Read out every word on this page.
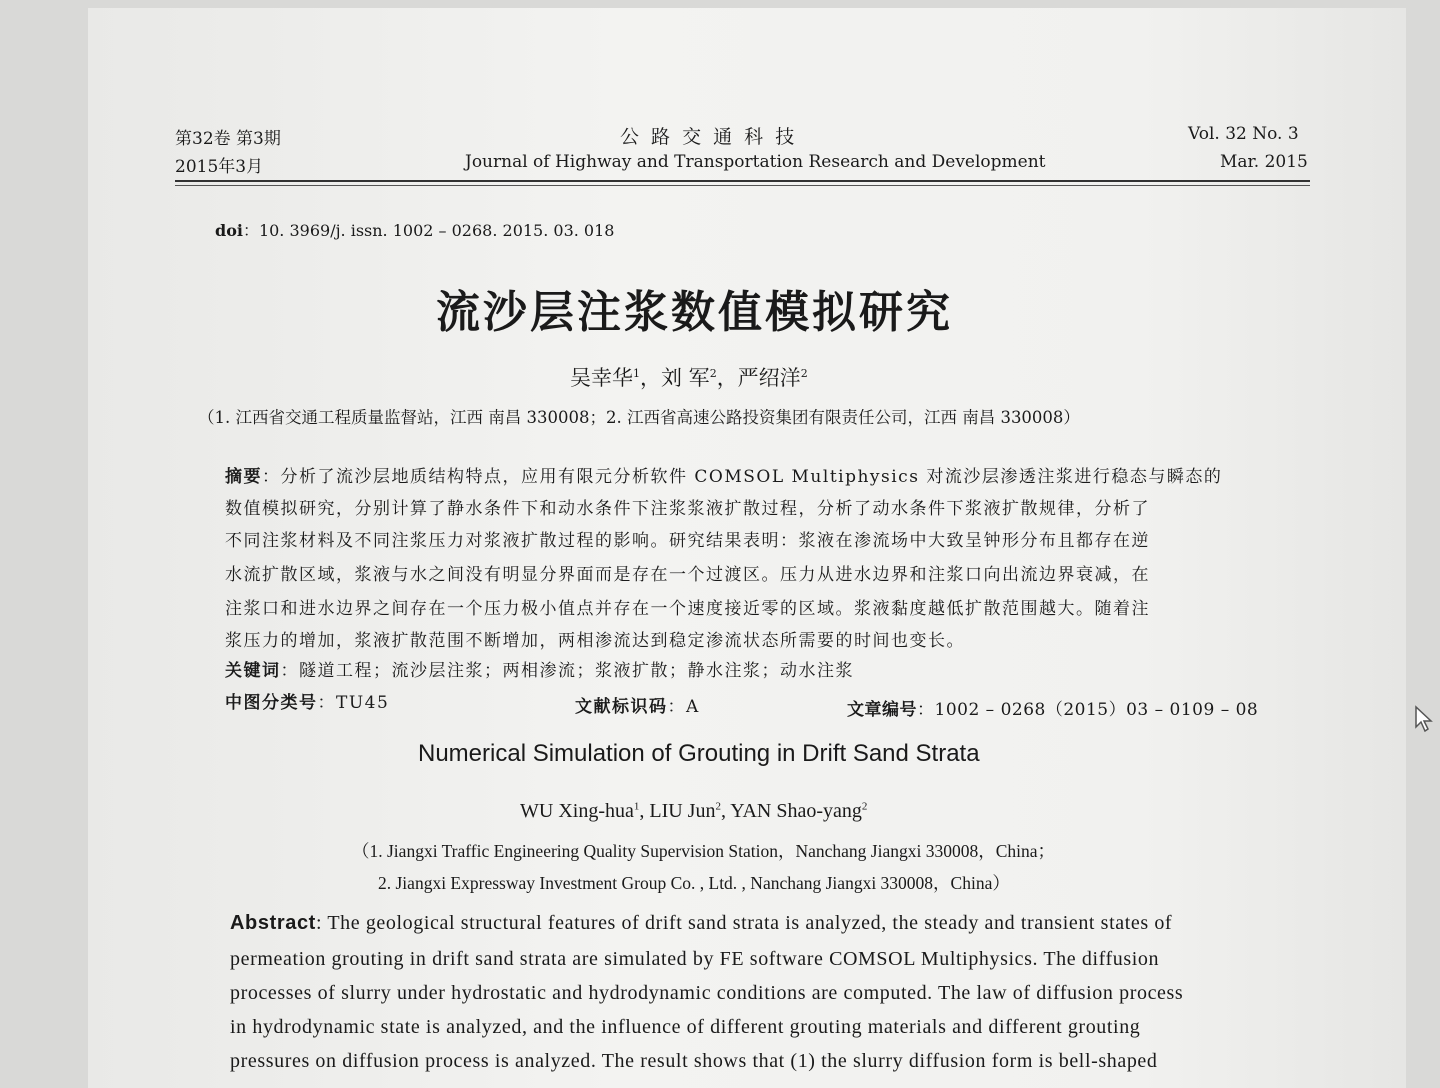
第32卷 第3期
2015年3月
公 路 交 通 科 技
Journal of Highway and Transportation Research and Development
Vol. 32 No. 3
Mar. 2015
doi：10. 3969/j. issn. 1002 – 0268. 2015. 03. 018
流沙层注浆数值模拟研究
吴幸华$^1$，刘 军$^2$，严绍洋$^2$
（1. 江西省交通工程质量监督站，江西 南昌 330008；2. 江西省高速公路投资集团有限责任公司，江西 南昌 330008）
摘要：分析了流沙层地质结构特点，应用有限元分析软件 COMSOL Multiphysics 对流沙层渗透注浆进行稳态与瞬态的
数值模拟研究，分别计算了静水条件下和动水条件下注浆浆液扩散过程，分析了动水条件下浆液扩散规律，分析了
不同注浆材料及不同注浆压力对浆液扩散过程的影响。研究结果表明：浆液在渗流场中大致呈钟形分布且都存在逆
水流扩散区域，浆液与水之间没有明显分界面而是存在一个过渡区。压力从进水边界和注浆口向出流边界衰减，在
注浆口和进水边界之间存在一个压力极小值点并存在一个速度接近零的区域。浆液黏度越低扩散范围越大。随着注
浆压力的增加，浆液扩散范围不断增加，两相渗流达到稳定渗流状态所需要的时间也变长。
关键词：隧道工程；流沙层注浆；两相渗流；浆液扩散；静水注浆；动水注浆
中图分类号：TU45	文献标识码：A	文章编号：1002 – 0268（2015）03 – 0109 – 08
Numerical Simulation of Grouting in Drift Sand Strata
WU Xing-hua$^1$, LIU Jun$^2$, YAN Shao-yang$^2$
（1. Jiangxi Traffic Engineering Quality Supervision Station，Nanchang Jiangxi 330008，China；
2. Jiangxi Expressway Investment Group Co. , Ltd. , Nanchang Jiangxi 330008，China）
Abstract: The geological structural features of drift sand strata is analyzed, the steady and transient states of
permeation grouting in drift sand strata are simulated by FE software COMSOL Multiphysics. The diffusion
processes of slurry under hydrostatic and hydrodynamic conditions are computed. The law of diffusion process
in hydrodynamic state is analyzed, and the influence of different grouting materials and different grouting
pressures on diffusion process is analyzed. The result shows that (1) the slurry diffusion form is bell-shaped
